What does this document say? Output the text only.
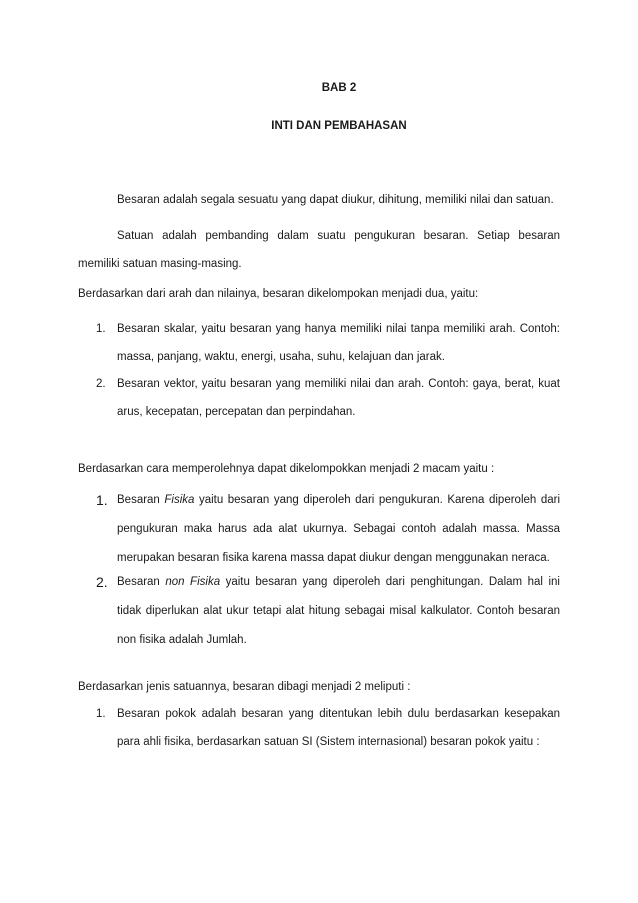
BAB 2
INTI DAN PEMBAHASAN

Besaran adalah segala sesuatu yang dapat diukur, dihitung, memiliki nilai dan satuan.

Satuan adalah pembanding dalam suatu pengukuran besaran. Setiap besaran memiliki satuan masing-masing.

Berdasarkan dari arah dan nilainya, besaran dikelompokan menjadi dua, yaitu:

1. Besaran skalar, yaitu besaran yang hanya memiliki nilai tanpa memiliki arah. Contoh: massa, panjang, waktu, energi, usaha, suhu, kelajuan dan jarak.
2. Besaran vektor, yaitu besaran yang memiliki nilai dan arah. Contoh: gaya, berat, kuat arus, kecepatan, percepatan dan perpindahan.

Berdasarkan cara memperolehnya dapat dikelompokkan menjadi 2 macam yaitu :

1. Besaran Fisika yaitu besaran yang diperoleh dari pengukuran. Karena diperoleh dari pengukuran maka harus ada alat ukurnya. Sebagai contoh adalah massa. Massa merupakan besaran fisika karena massa dapat diukur dengan menggunakan neraca.
2. Besaran non Fisika yaitu besaran yang diperoleh dari penghitungan. Dalam hal ini tidak diperlukan alat ukur tetapi alat hitung sebagai misal kalkulator. Contoh besaran non fisika adalah Jumlah.

Berdasarkan jenis satuannya, besaran dibagi menjadi 2 meliputi :

1. Besaran pokok adalah besaran yang ditentukan lebih dulu berdasarkan kesepakan para ahli fisika, berdasarkan satuan SI (Sistem internasional) besaran pokok yaitu :
